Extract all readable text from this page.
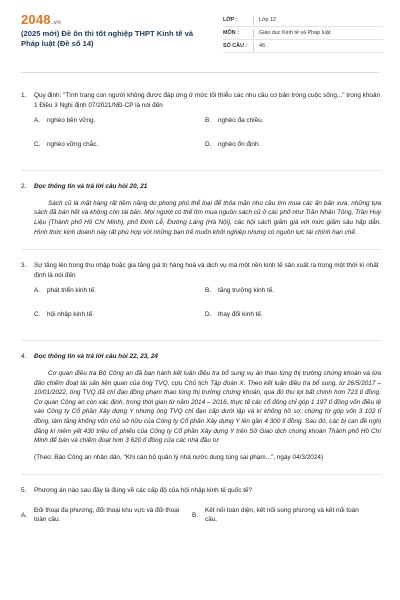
2048.vn
(2025 mới) Đề ôn thi tốt nghiệp THPT Kinh tế và Pháp luật (Đề số 14)
LỚP :	Lớp 12
MÔN :	Giáo dục Kinh tế và Pháp luật
SỐ CÂU :	46
1.	Quy định: "Tình trạng con người không được đáp ứng ở mức tối thiểu các nhu cầu cơ bản trong cuộc sống..." trong khoản 1 Điều 3 Nghị định 07/2021/NĐ-CP là nói đến
A.	nghèo bền vững.	B.	nghèo đa chiều.
C.	nghèo vững chắc.	D.	nghèo ổn định.
2.	Đọc thông tin và trả lời câu hỏi 20, 21
Sách cũ là mặt hàng rất tiềm năng do phong phú thể loại để thỏa mãn nhu cầu tìm mua các ấn bản xưa, những tựa sách đã bán hết và không còn tái bản. Mọi người có thể tìm mua nguồn sách cũ ở các phố như Trần Nhân Tông, Trần Huy Liệu (Thành phố Hồ Chí Minh), phố Đinh Lễ, Đường Láng (Hà Nội), các hội sách giảm giá với mức giảm sâu hấp dẫn. Hình thức kinh doanh này rất phù hợp với những bạn trẻ muốn khởi nghiệp nhưng có nguồn lực tài chính hạn chế.
3.	Sự tăng lên trong thu nhập hoặc gia tăng giá trị hàng hoá và dịch vụ mà một nền kinh tế sản xuất ra trong một thời kì nhất định là nói đến
A.	phát triển kinh tế.	B.	tăng trưởng kinh tế.
C.	hội nhập kinh tế.	D.	thay đổi kinh tế.
4.	Đọc thông tin và trả lời câu hỏi 22, 23, 24
Cơ quan điều tra Bộ Công an đã ban hành kết luận điều tra bổ sung vụ án thao túng thị trường chứng khoán và lừa đảo chiếm đoạt tài sản liên quan của ông TVQ, cựu Chủ tịch Tập đoàn X. Theo kết luận điều tra bổ sung, từ 26/5/2017 – 10/01/2022, ông TVQ đã chỉ đạo đồng phạm thao túng thị trường chứng khoán, qua đó thu lợi bất chính hơn 723 tỉ đồng. Cơ quan Công an còn xác định, trong thời gian từ năm 2014 – 2016, thực tế các cổ đông chỉ góp 1 197 tỉ đồng vốn điều lệ vào Công ty Cổ phần Xây dựng Y nhưng ông TVQ chỉ đạo cấp dưới lập và kí khống hồ sơ, chứng từ góp vốn 3 102 tỉ đồng, làm tăng khống vốn chủ sở hữu của Công ty Cổ phần Xây dựng Y lên gần 4 300 tỉ đồng. Sau đó, các bị can đề nghị đăng kí niêm yết 430 triệu cổ phiếu của Công ty Cổ phần Xây dựng Y trên Sở Giao dịch chứng khoán Thành phố Hồ Chí Minh để bán và chiếm đoạt hơn 3 620 tỉ đồng của các nhà đầu tư
(Theo: Báo Công an nhân dân, "Khi cán bộ quản lý nhà nước dung túng sai phạm...", ngày 04/3/2024)
5.	Phương án nào sau đây là đúng về các cấp độ của hội nhập kinh tế quốc tế?
A.
Đối thoại đa phương, đối thoại khu vực và đối thoại toàn cầu.
B.
Kết nối toàn diện, kết nối song phương và kết nối toàn cầu.
